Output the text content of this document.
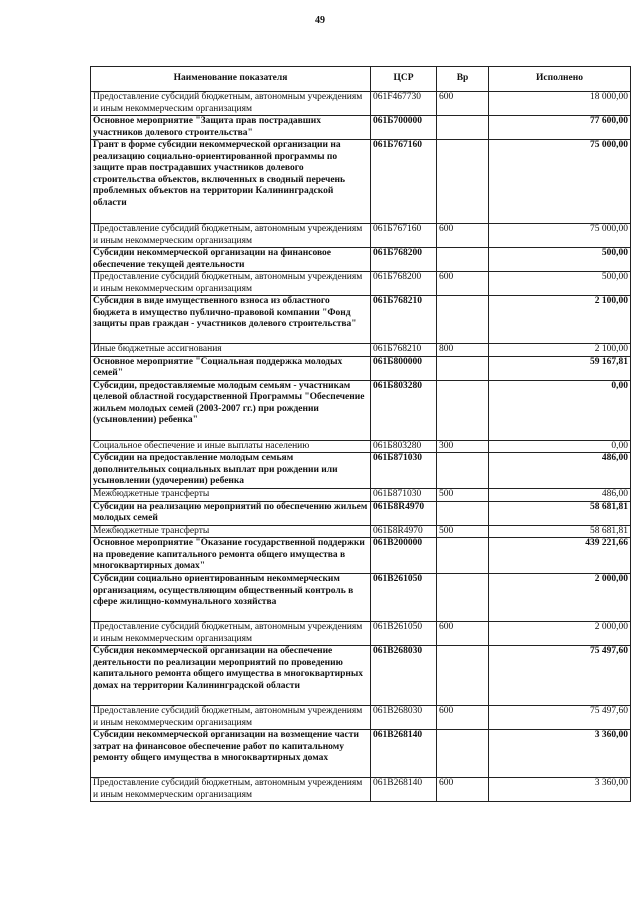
49
Наименование показателя	ЦСР	Вр	Исполнено
Предоставление субсидий бюджетным, автономным учреждениям и иным некоммерческим организациям	061F467730	600	18 000,00
Основное мероприятие "Защита прав пострадавших участников долевого строительства"	061Б700000		77 600,00
Грант в форме субсидии некоммерческой организации на реализацию социально-ориентированной программы по защите прав пострадавших участников долевого строительства объектов, включенных в сводный перечень проблемных объектов на территории Калининградской области	061Б767160		75 000,00
Предоставление субсидий бюджетным, автономным учреждениям и иным некоммерческим организациям	061Б767160	600	75 000,00
Субсидии некоммерческой организации на финансовое обеспечение текущей деятельности	061Б768200		500,00
Предоставление субсидий бюджетным, автономным учреждениям и иным некоммерческим организациям	061Б768200	600	500,00
Субсидия в виде имущественного взноса из областного бюджета в имущество публично-правовой компании "Фонд защиты прав граждан - участников долевого строительства"	061Б768210		2 100,00
Иные бюджетные ассигнования	061Б768210	800	2 100,00
Основное мероприятие "Социальная поддержка молодых семей"	061Б800000		59 167,81
Субсидии, предоставляемые молодым семьям - участникам целевой областной государственной Программы "Обеспечение жильем молодых семей (2003-2007 гг.) при рождении (усыновлении) ребенка"	061Б803280		0,00
Социальное обеспечение и иные выплаты населению	061Б803280	300	0,00
Субсидии на предоставление молодым семьям дополнительных социальных выплат при рождении или усыновлении (удочерении) ребенка	061Б871030		486,00
Межбюджетные трансферты	061Б871030	500	486,00
Субсидии на реализацию мероприятий по обеспечению жильем молодых семей	061Б8R4970		58 681,81
Межбюджетные трансферты	061Б8R4970	500	58 681,81
Основное мероприятие "Оказание государственной поддержки на проведение капитального ремонта общего имущества в многоквартирных домах"	061В200000		439 221,66
Субсидии социально ориентированным некоммерческим организациям, осуществляющим общественный контроль в сфере жилищно-коммунального хозяйства	061В261050		2 000,00
Предоставление субсидий бюджетным, автономным учреждениям и иным некоммерческим организациям	061В261050	600	2 000,00
Субсидия некоммерческой организации на обеспечение деятельности по реализации мероприятий по проведению капитального ремонта общего имущества в многоквартирных домах на территории Калининградской области	061В268030		75 497,60
Предоставление субсидий бюджетным, автономным учреждениям и иным некоммерческим организациям	061В268030	600	75 497,60
Субсидии некоммерческой организации на возмещение части затрат на финансовое обеспечение работ по капитальному ремонту общего имущества в многоквартирных домах	061В268140		3 360,00
Предоставление субсидий бюджетным, автономным учреждениям и иным некоммерческим организациям	061В268140	600	3 360,00
